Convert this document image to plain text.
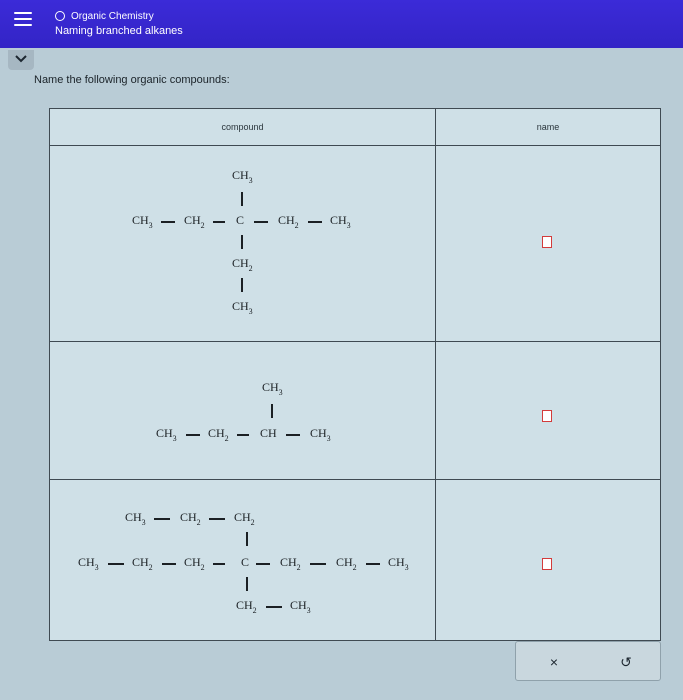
Organic Chemistry
Naming branched alkanes
Name the following organic compounds:
compound	name
$CH_3$
$CH_3$	$CH_2$	C	$CH_2$	$CH_3$
$CH_2$
$CH_3$
$CH_3$
$CH_3$	$CH_2$	CH	$CH_3$
$CH_3$	$CH_2$	$CH_2$
$CH_3$	$CH_2$	$CH_2$	C	$CH_2$	$CH_2$	$CH_3$
$CH_2$	$CH_3$
×	↺
